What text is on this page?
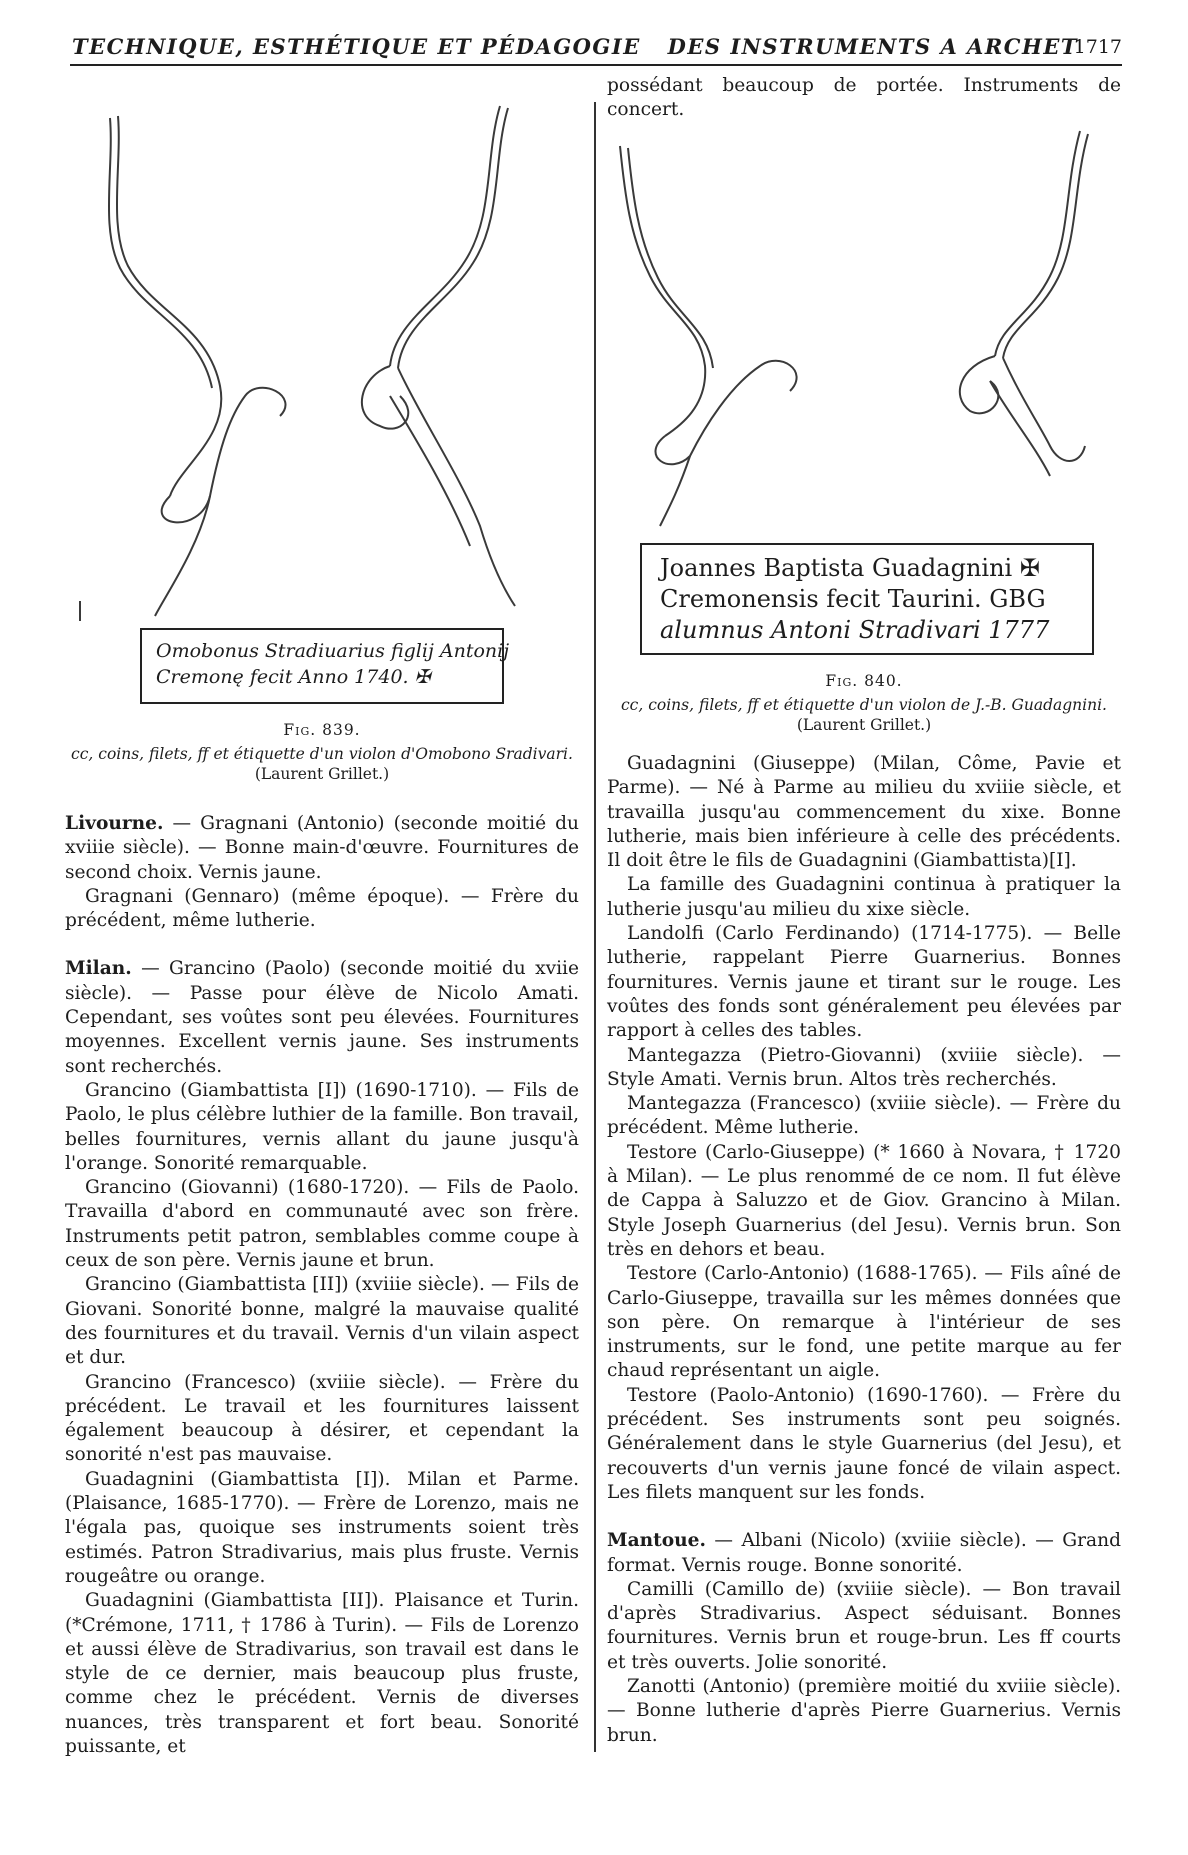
TECHNIQUE, ESTHÉTIQUE ET PÉDAGOGIE DES INSTRUMENTS A ARCHET
1717
Omobonus Stradiuarius figlij Antonij
Cremonę fecit Anno 1740. ✠
Fig. 839.
cc, coins, filets, ff et étiquette d'un violon d'Omobono Sradivari.
(Laurent Grillet.)
Joannes Baptista Guadagnini ✠
Cremonensis fecit Taurini. GBG
alumnus Antoni Stradivari 1777
Fig. 840.
cc, coins, filets, ff et étiquette d'un violon de J.-B. Guadagnini.
(Laurent Grillet.)

possédant beaucoup de portée. Instruments de concert.

Livourne. — Gragnani (Antonio) (seconde moitié du xviiie siècle). — Bonne main-d'œuvre. Fournitures de second choix. Vernis jaune.

Gragnani (Gennaro) (même époque). — Frère du précédent, même lutherie.

Milan. — Grancino (Paolo) (seconde moitié du xviie siècle). — Passe pour élève de Nicolo Amati. Cependant, ses voûtes sont peu élevées. Fournitures moyennes. Excellent vernis jaune. Ses instruments sont recherchés.

Grancino (Giambattista [I]) (1690-1710). — Fils de Paolo, le plus célèbre luthier de la famille. Bon travail, belles fournitures, vernis allant du jaune jusqu'à l'orange. Sonorité remarquable.

Grancino (Giovanni) (1680-1720). — Fils de Paolo. Travailla d'abord en communauté avec son frère. Instruments petit patron, semblables comme coupe à ceux de son père. Vernis jaune et brun.

Grancino (Giambattista [II]) (xviiie siècle). — Fils de Giovani. Sonorité bonne, malgré la mauvaise qualité des fournitures et du travail. Vernis d'un vilain aspect et dur.

Grancino (Francesco) (xviiie siècle). — Frère du précédent. Le travail et les fournitures laissent également beaucoup à désirer, et cependant la sonorité n'est pas mauvaise.

Guadagnini (Giambattista [I]). Milan et Parme. (Plaisance, 1685-1770). — Frère de Lorenzo, mais ne l'égala pas, quoique ses instruments soient très estimés. Patron Stradivarius, mais plus fruste. Vernis rougeâtre ou orange.

Guadagnini (Giambattista [II]). Plaisance et Turin. (*Crémone, 1711, † 1786 à Turin). — Fils de Lorenzo et aussi élève de Stradivarius, son travail est dans le style de ce dernier, mais beaucoup plus fruste, comme chez le précédent. Vernis de diverses nuances, très transparent et fort beau. Sonorité puissante, et

Guadagnini (Giuseppe) (Milan, Côme, Pavie et Parme). — Né à Parme au milieu du xviiie siècle, et travailla jusqu'au commencement du xixe. Bonne lutherie, mais bien inférieure à celle des précédents. Il doit être le fils de Guadagnini (Giambattista)[I].

La famille des Guadagnini continua à pratiquer la lutherie jusqu'au milieu du xixe siècle.

Landolfi (Carlo Ferdinando) (1714-1775). — Belle lutherie, rappelant Pierre Guarnerius. Bonnes fournitures. Vernis jaune et tirant sur le rouge. Les voûtes des fonds sont généralement peu élevées par rapport à celles des tables.

Mantegazza (Pietro-Giovanni) (xviiie siècle). — Style Amati. Vernis brun. Altos très recherchés.

Mantegazza (Francesco) (xviiie siècle). — Frère du précédent. Même lutherie.

Testore (Carlo-Giuseppe) (* 1660 à Novara, † 1720 à Milan). — Le plus renommé de ce nom. Il fut élève de Cappa à Saluzzo et de Giov. Grancino à Milan. Style Joseph Guarnerius (del Jesu). Vernis brun. Son très en dehors et beau.

Testore (Carlo-Antonio) (1688-1765). — Fils aîné de Carlo-Giuseppe, travailla sur les mêmes données que son père. On remarque à l'intérieur de ses instruments, sur le fond, une petite marque au fer chaud représentant un aigle.

Testore (Paolo-Antonio) (1690-1760). — Frère du précédent. Ses instruments sont peu soignés. Généralement dans le style Guarnerius (del Jesu), et recouverts d'un vernis jaune foncé de vilain aspect. Les filets manquent sur les fonds.

Mantoue. — Albani (Nicolo) (xviiie siècle). — Grand format. Vernis rouge. Bonne sonorité.

Camilli (Camillo de) (xviiie siècle). — Bon travail d'après Stradivarius. Aspect séduisant. Bonnes fournitures. Vernis brun et rouge-brun. Les ff courts et très ouverts. Jolie sonorité.

Zanotti (Antonio) (première moitié du xviiie siècle). — Bonne lutherie d'après Pierre Guarnerius. Vernis brun.
